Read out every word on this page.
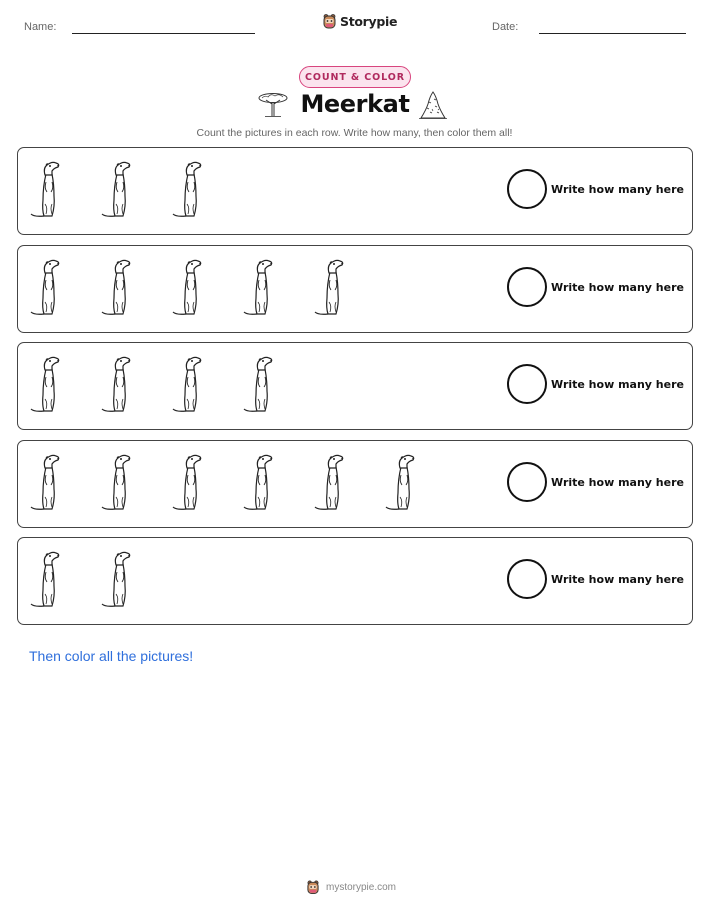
Name:	Storypie	Date:
COUNT & COLOR
Meerkat
Count the pictures in each row. Write how many, then color them all!
Write how many here
Write how many here
Write how many here
Write how many here
Write how many here
Then color all the pictures!
mystorypie.com
